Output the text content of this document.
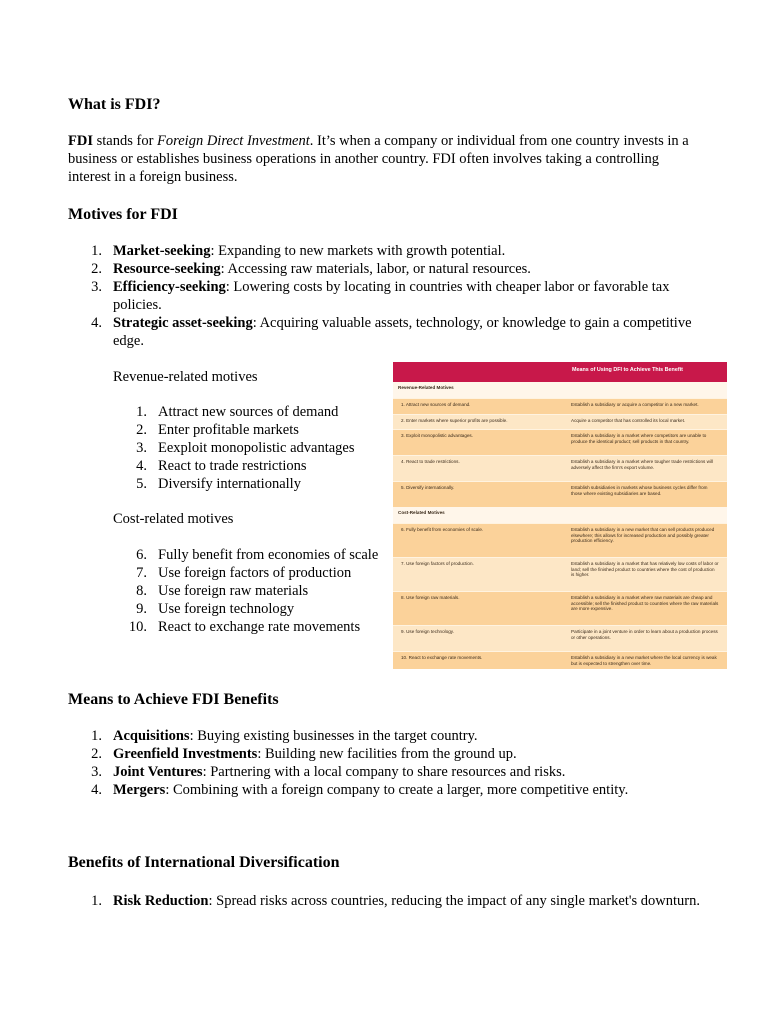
What is FDI?

FDI stands for Foreign Direct Investment. It’s when a company or individual from one country invests in a business or establishes business operations in another country. FDI often involves taking a controlling interest in a foreign business.

Motives for FDI
1. Market-seeking: Expanding to new markets with growth potential.
2. Resource-seeking: Accessing raw materials, labor, or natural resources.
3. Efficiency-seeking: Lowering costs by locating in countries with cheaper labor or favorable tax policies.
4. Strategic asset-seeking: Acquiring valuable assets, technology, or knowledge to gain a competitive edge.

Revenue-related motives

1. Attract new sources of demand
2. Enter profitable markets
3. Eexploit monopolistic advantages
4. React to trade restrictions
5. Diversify internationally

Cost-related motives

6. Fully benefit from economies of scale
7. Use foreign factors of production
8. Use foreign raw materials
9. Use foreign technology
10. React to exchange rate movements
Means of Using DFI to Achieve This Benefit
Revenue-Related Motives
1. Attract new sources of demand.	Establish a subsidiary or acquire a competitor in a new market.
2. Enter markets where superior profits are possible.	Acquire a competitor that has controlled its local market.
3. Exploit monopolistic advantages.	Establish a subsidiary in a market where competitors are unable to produce the identical product; sell products in that country.
4. React to trade restrictions.	Establish a subsidiary in a market where tougher trade restrictions will adversely affect the firm's export volume.
5. Diversify internationally.	Establish subsidiaries in markets whose business cycles differ from those where existing subsidiaries are based.
Cost-Related Motives
6. Fully benefit from economies of scale.	Establish a subsidiary in a new market that can sell products produced elsewhere; this allows for increased production and possibly greater production efficiency.
7. Use foreign factors of production.	Establish a subsidiary in a market that has relatively low costs of labor or land; sell the finished product to countries where the cost of production is higher.
8. Use foreign raw materials.	Establish a subsidiary in a market where raw materials are cheap and accessible; sell the finished product to countries where the raw materials are more expensive.
9. Use foreign technology.	Participate in a joint venture in order to learn about a production process or other operations.
10. React to exchange rate movements.	Establish a subsidiary in a new market where the local currency is weak but is expected to strengthen over time.
Means to Achieve FDI Benefits
1. Acquisitions: Buying existing businesses in the target country.
2. Greenfield Investments: Building new facilities from the ground up.
3. Joint Ventures: Partnering with a local company to share resources and risks.
4. Mergers: Combining with a foreign company to create a larger, more competitive entity.
Benefits of International Diversification
1. Risk Reduction: Spread risks across countries, reducing the impact of any single market's downturn.
